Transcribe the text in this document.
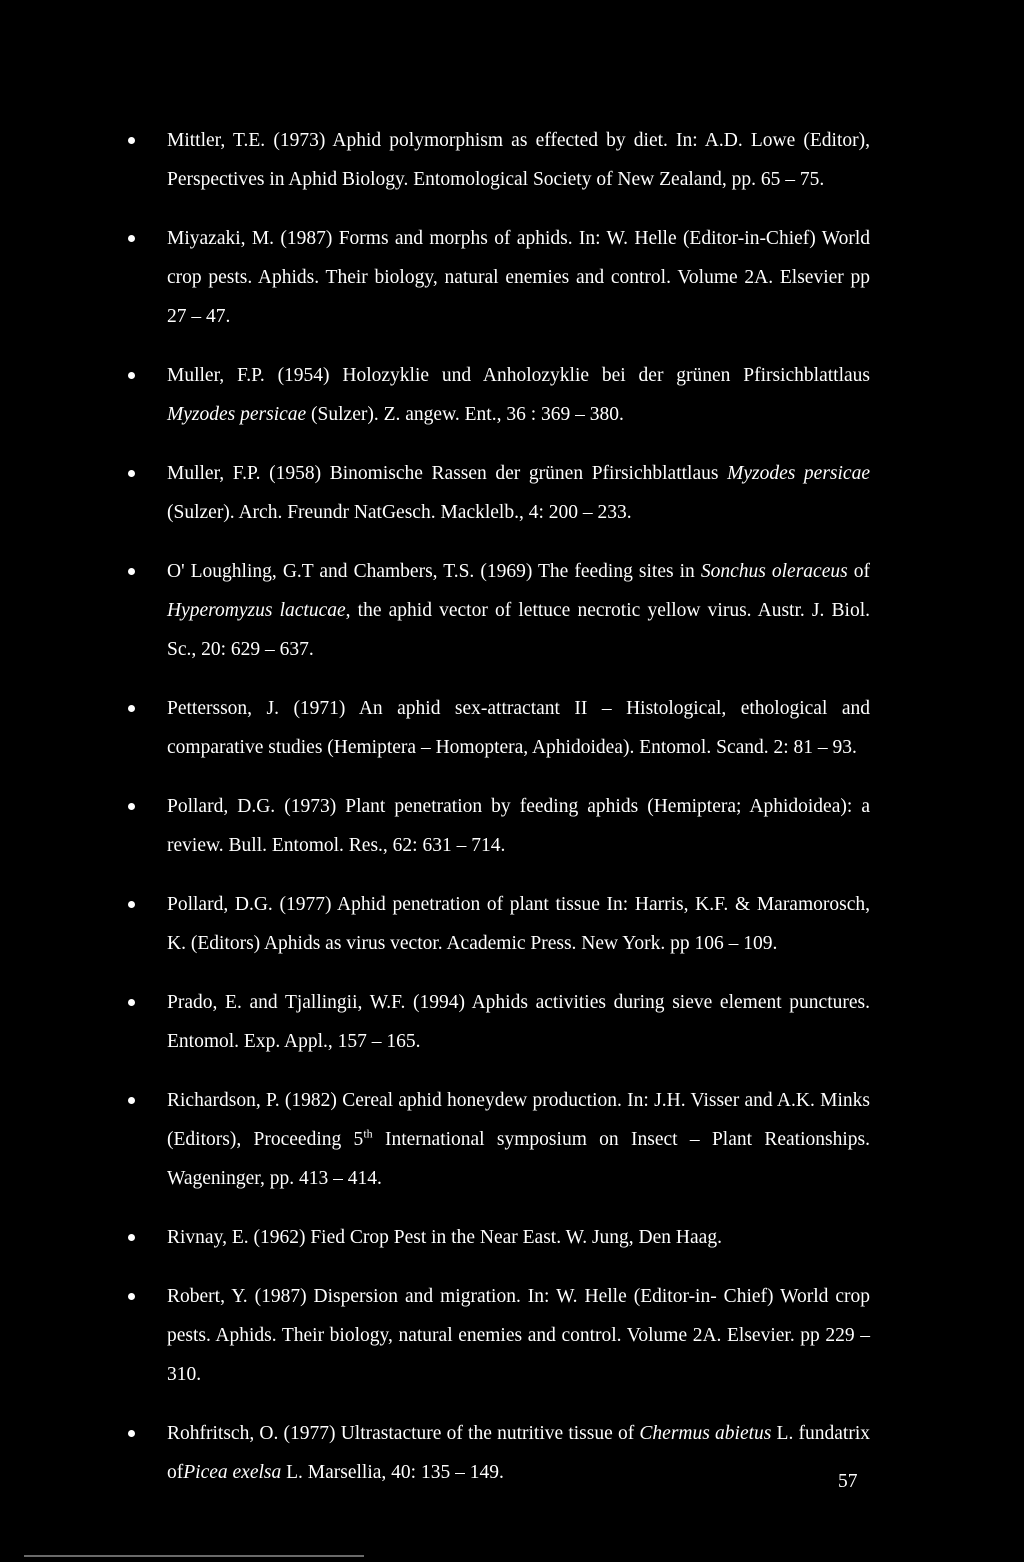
Mittler, T.E. (1973) Aphid polymorphism as effected by diet. In: A.D. Lowe (Editor), Perspectives in Aphid Biology. Entomological Society of New Zealand, pp. 65 – 75.
Miyazaki, M. (1987) Forms and morphs of aphids. In: W. Helle (Editor-in-Chief) World crop pests. Aphids. Their biology, natural enemies and control. Volume 2A. Elsevier pp 27 – 47.
Muller, F.P. (1954) Holozyklie und Anholozyklie bei der grünen Pfirsichblattlaus Myzodes persicae (Sulzer). Z. angew. Ent., 36 : 369 – 380.
Muller, F.P. (1958) Binomische Rassen der grünen Pfirsichblattlaus Myzodes persicae (Sulzer). Arch. Freundr NatGesch. Macklelb., 4: 200 – 233.
O' Loughling, G.T and Chambers, T.S. (1969) The feeding sites in Sonchus oleraceus of Hyperomyzus lactucae, the aphid vector of lettuce necrotic yellow virus. Austr. J. Biol. Sc., 20: 629 – 637.
Pettersson, J. (1971) An aphid sex-attractant II – Histological, ethological and comparative studies (Hemiptera – Homoptera, Aphidoidea). Entomol. Scand. 2: 81 – 93.
Pollard, D.G. (1973) Plant penetration by feeding aphids (Hemiptera; Aphidoidea): a review. Bull. Entomol. Res., 62: 631 – 714.
Pollard, D.G. (1977) Aphid penetration of plant tissue In: Harris, K.F. & Maramorosch, K. (Editors) Aphids as virus vector. Academic Press. New York. pp 106 – 109.
Prado, E. and Tjallingii, W.F. (1994) Aphids activities during sieve element punctures. Entomol. Exp. Appl., 157 – 165.
Richardson, P. (1982) Cereal aphid honeydew production. In: J.H. Visser and A.K. Minks (Editors), Proceeding 5th International symposium on Insect – Plant Reationships. Wageninger, pp. 413 – 414.
Rivnay, E. (1962) Fied Crop Pest in the Near East. W. Jung, Den Haag.
Robert, Y. (1987) Dispersion and migration. In: W. Helle (Editor-in- Chief) World crop pests. Aphids. Their biology, natural enemies and control. Volume 2A. Elsevier. pp 229 – 310.
Rohfritsch, O. (1977) Ultrastacture of the nutritive tissue of Chermus abietus L. fundatrix ofPicea exelsa L. Marsellia, 40: 135 – 149.	57
